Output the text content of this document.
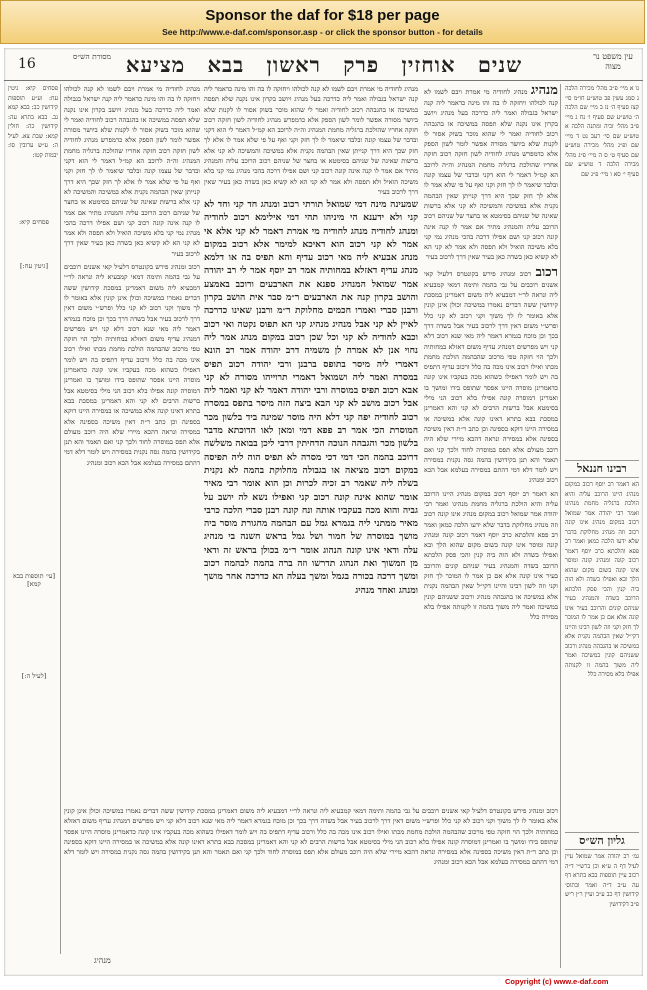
Sponsor the daf for $18 per page
See http://www.e-daf.com/sponsor.asp - or click the sponsor button - for details
16	מסורת הש״ס שנים אוחזין פרק ראשון בבא מציעא	עין משפט נר מצוה

נו א מיי׳ פ״ב מהל׳ מכירה הלכה ג סמג עשין פב טוש״ע חו״מ סי׳ קצז סעיף ה׳ נז ב מיי׳ שם הלכה ה׳ טוש״ע שם סעיף ו׳ נח ג מיי׳ פ״ב מהל׳ זכיה ומתנה הלכה א טוש״ע שם סי׳ רעב נט ד מיי׳ שם ופ״ג מהל׳ מכירה טוש״ע שם סעיף ט׳ ס ה מיי׳ פ״ג מהל׳ מכירה הלכה ד טוש״ע שם סעיף י׳ סא ו מיי׳ פ״ג שם

רבינו חננאל

הא דאמר רב יוסף רכוב במקום מנהיג היינו הרוכב עליה והיא הולכת ברגליה מחמת מנהיגו ואמר רבי יהודה אמר שמואל רכוב במקום מנהיג אינו קונה רכוב וזה מנהיג מחלוקת בדבר שלא ידעו הלכה כמאן ואמר רב פפא והלכתא כרב יוסף דאמר רכוב קונה ומנהיג קונה ומוסר אינו קונה בשום מקום שהוא הלך ובא ואפילו בשדה ולא הוה ביה קנין והכי פסק הלכתא הרוכב בשדה והמנהיג בעיר שניהם קונים והרוכב בעיר אינו קונה אלא אם כן אמר לו המוכר לך חזק וקני וזה לשון רבינו והיינו דקי״ל שאין הבהמה נקנית אלא במשיכה או בהגבהה מנהיג ורכוב ששניהם קונין במשיכה ואמר ליה משוך בהמה זו לקנותה אפילו בלא מסירה כלל

גליון הש״ס

גמ׳ רב יהודה אמר שמואל עיין לעיל דף ה ע״א וכן ברש״י ד״ה רכוב עיין תוספות בבא בתרא דף עה ע״ב ד״ה ואמר ובתוס׳ קידושין דף כב ע״ב ועיין ר״ן ריש פ״ב דקידושין

מנהיג מנהיג לחודיה מי אמרת ויבם לשמו לא קנה לכולהו ויחזקה לו בה והו מינה כדאמר ליה קנה ישראל בגבולה ואמר ליה כדרכה בעל מנהיג ויושב בקרון אינו נקנה שלא תפסה במשיכה או בהגבהה רכוב לחודיה ואמר לי שהוא מוכר בשוק אסור לו לקנות שלא ביושר מסורה אפשר לומר לשון הספק אלא כדמפרש מנהיג לחודיה לשון חזקה רכוב חזקה אחריו שהולכת ברגליה מחמת המנהיג וה״ה לרוכב הא קמ״ל דאמר לי הוא דקני ובדבר של עצמו קונה ובלבד שיאמר לו לך חזק וקני ואף על פי שלא אמר לו אלא לך חזק שכך היא דרך קנייתן שאין הבהמה נקנית אלא במשיכה והמשיכה לא קני אלא ברשות שאינה של שניהם בסימטא או בחצר של שניהם רכוב הרוכב עליה והמנהיג מתיר אם אמר לו קנה אינה קונה רכוב קני ושם אפילו דרכה בהכי מנהיג נמי קני בלא משיכה הואיל ולא תפסה ולא אמר לא קני הא לא קשיא כאן בשדה כאן בעיר שאין דרך לרכוב בעיר

רכוב רכוב ומנהיג פירש בקונטרס דלעיל קאי אשנים רוכבים על גבי בהמה ותימה דמאי קמבעיא ליה ונראה לר״י דמבעיא ליה משום דאמרינן במסכת קידושין ששה דברים נאמרו במשיכה וכולן אינן קונין אלא באומר לו לך משוך וקני רכוב לא קני כלל ופרש״י משום דאין דרך לרכוב בעיר אבל בשדה דרך בכך וכן מוכח בגמרא דאמר ליה מאי שנא רכוב דלא קני ויש מפרשים דמנהיג עדיף משום דאזלא במחותיה ולכך הוי חזקה טפי מרכוב שהבהמה הולכת מחמת מכתו ואילו רכוב אינו מכה בה כלל ורכוב עדיף דתפיס בה ויש לומר דאפילו כשהוא מכה בעקביו אינו קונה כדאמרינן מוסרה היינו אפסר שתופס בידו ומושך בו ואמרינן דמוסרה קונה אפילו בלא רכוב הני מילי בסימטא אבל ברשות הרבים לא קני והא דאמרינן במסכת בבא בתרא דאינו קונה אלא במשיכה או במסירה היינו דוקא בספינה וכן כתב ר״ת דאין משיכה בספינה אלא במסירה ונראה דהכא מיירי שלא היה רוכב מעולם אלא תפס במוסרה לחוד ולכך קני ואם תאמר והא תנן בקידושין בהמה גסה נקנית במסירה ויש לומר דלא דמי דהתם במסירה בעלמא אבל הכא רכוב ומנהיג

הא דאמר רב יוסף רכוב במקום מנהיג היינו הרוכב עליה והיא הולכת ברגליה מחמת מנהיגו ואמר רבי יהודה אמר שמואל רכוב במקום מנהיג אינו קונה רכוב וזה מנהיג מחלוקת בדבר שלא ידעו הלכה כמאן ואמר רב פפא והלכתא כרב יוסף דאמר רכוב קונה ומנהיג קונה ומוסר אינו קונה בשום מקום שהוא הלך ובא ואפילו בשדה ולא הוה ביה קנין והכי פסק הלכתא הרוכב בשדה והמנהיג בעיר שניהם קונים והרוכב בעיר אינו קונה אלא אם כן אמר לו המוכר לך חזק וקני וזה לשון רבינו והיינו דקי״ל שאין הבהמה נקנית אלא במשיכה או בהגבהה מנהיג ורכוב ששניהם קונין במשיכה ואמר ליה משוך בהמה זו לקנותה אפילו בלא מסירה כלל

שמעינה מינה דמי שמואל תורתי רכוב ומנהג חד קני וחד לא קני ולא ידענא הי מיניהו תהי דמי אילימא רכוב לחודיה ומנהג לחודיה מנהג לחודיה מי אמרת דאמר לא קני אלא אי אמר לא קני רכוב הוא דאיכא למימר אלא רכוב במקום מנהג אבעיא ליה מאי רכוב עדיף והא תפיס בה או דלמא מנהג עדיף דאזלא במחותיה אמר רב יוסף אמר לי רב יהודה אמר שמואל המנהיג ספנא את הארבעים ורוכב באמצע והושב בקרון קנה את הארבעים ר״מ סבר אית הושב בקרון ורבנן סברי ואמרו חכמים מחלוקת ר״מ ורבנן שאינו כדרכה לאיין לא קני אבל מנהיג מנהיג קני הא תפוס נקטה ואי רכוב וכבא לחודיה לא קני וכל שכן רכוב במקום מנהג אמר ליה נחוי אנן לא אמרה לן משמיה דרב יהודה אמר רב הונא דאמרי ליה מיסר בתופס ברבנן ורבי יהודה רכוב תפיס במסרה ואמר ליה ושמואל דאמרי תרוייהו מסורה לא קני אבא רכוב תפיס במוסרה ורבי יהודה דאמר לא קני ואמר ליה אבל רכוב מושב לא קני הבא ביצה הזה מיסר בתפס במסרה רכוב לחודיה יפה קני דלא היה מוסר שמינה ביד בלשון מכר המוסרת הכי אמר רב פפא דמי ומאן לאו הדוכתא מדבר בלשון מכר והגבהה הנוכה הדחיתין דרבי ליכן בבואה משלשה דרוכב בהמה הכי דמי דכי מסרה לא תפיס הוה ליה תפיסה במקום רכוב מציאה או בגבולה מחלוקת בהמה לא נקנית בשלה ליה שאמר רב זכיה לכרות וכן הוא אומר רבי מאיר אומר שהוא אינה קונה רכוב קני ואפילו נשא לה יושב על גביה והוא מכה בעקביו אותה ונח קונה רבנן סברי הלכה כרבי מאיר ממתני ליה בגמרא גמל עם הבהמה מחגורת מוסר ביה מושך במוסרה של חמור ושל גמל בראש חשנה בי מנהיג עלה ודאי אינו קונה הנהוג אומר ר״מ בכולן בראש זה ודאי מן המשוך ואת הנהוג תדרשו וזה ברה בהמה לבהמה רכוב ומשך דרכה בכורה בגמל ומשך בעלה הא כדרכה אחר מושך ומנהג ואחד מנהיג

מנהיג לחודיה מי אמרת ויבם לשמו לא קנה לכולהו ויחזקה לו בה והו מינה כדאמר ליה קנה ישראל בגבולה ואמר ליה כדרכה בעל מנהיג ויושב בקרון אינו נקנה שלא תפסה במשיכה או בהגבהה רכוב לחודיה ואמר לי שהוא מוכר בשוק אסור לו לקנות שלא ביושר מסורה אפשר לומר לשון הספק אלא כדמפרש מנהיג לחודיה לשון חזקה רכוב חזקה אחריו שהולכת ברגליה מחמת המנהיג וה״ה לרוכב הא קמ״ל דאמר לי הוא דקני ובדבר של עצמו קונה ובלבד שיאמר לו לך חזק וקני ואף על פי שלא אמר לו אלא לך חזק שכך היא דרך קנייתן שאין הבהמה נקנית אלא במשיכה והמשיכה לא קני אלא ברשות שאינה של שניהם בסימטא או בחצר של שניהם רכוב הרוכב עליה והמנהיג מתיר אם אמר לו קנה אינה קונה רכוב קני ושם אפילו דרכה בהכי מנהיג נמי קני בלא משיכה הואיל ולא תפסה ולא אמר לא קני הא לא קשיא כאן בשדה כאן בעיר שאין דרך לרכוב בעיר

רכוב ומנהיג פירש בקונטרס דלעיל קאי אשנים רוכבים על גבי בהמה ותימה דמאי קמבעיא ליה ונראה לר״י דמבעיא ליה משום דאמרינן במסכת קידושין ששה דברים נאמרו במשיכה וכולן אינן קונין אלא באומר לו לך משוך וקני רכוב לא קני כלל ופרש״י משום דאין דרך לרכוב בעיר אבל בשדה דרך בכך וכן מוכח בגמרא דאמר ליה מאי שנא רכוב דלא קני ויש מפרשים דמנהיג עדיף משום דאזלא במחותיה ולכך הוי חזקה טפי מרכוב שהבהמה הולכת מחמת מכתו ואילו רכוב אינו מכה בה כלל ורכוב עדיף דתפיס בה ויש לומר דאפילו כשהוא מכה בעקביו אינו קונה כדאמרינן מוסרה היינו אפסר שתופס בידו ומושך בו ואמרינן דמוסרה קונה אפילו בלא רכוב הני מילי בסימטא אבל ברשות הרבים לא קני והא דאמרינן במסכת בבא בתרא דאינו קונה אלא במשיכה או במסירה היינו דוקא בספינה וכן כתב ר״ת דאין משיכה בספינה אלא במסירה ונראה דהכא מיירי שלא היה רוכב מעולם אלא תפס במוסרה לחוד ולכך קני ואם תאמר והא תנן בקידושין בהמה גסה נקנית במסירה ויש לומר דלא דמי דהתם במסירה בעלמא אבל הכא רכוב ומנהיג

מנהיג לחודיה מי אמרת ויבם לשמו לא קנה לכולהו ויחזקה לו בה והו מינה כדאמר ליה קנה ישראל בגבולה ואמר ליה כדרכה בעל מנהיג ויושב בקרון אינו נקנה שלא תפסה במשיכה או בהגבהה רכוב לחודיה ואמר לי שהוא מוכר בשוק אסור לו לקנות שלא ביושר מסורה אפשר לומר לשון הספק אלא כדמפרש מנהיג לחודיה לשון חזקה רכוב חזקה אחריו שהולכת ברגליה מחמת המנהיג וה״ה לרוכב הא קמ״ל דאמר לי הוא דקני ובדבר של עצמו קונה ובלבד שיאמר לו לך חזק וקני ואף על פי שלא אמר לו אלא לך חזק שכך היא דרך קנייתן שאין הבהמה נקנית אלא במשיכה והמשיכה לא קני אלא ברשות שאינה של שניהם בסימטא או בחצר של שניהם רכוב הרוכב עליה והמנהיג מתיר אם אמר לו קנה אינה קונה רכוב קני ושם אפילו דרכה בהכי מנהיג נמי קני בלא משיכה הואיל ולא תפסה ולא אמר לא קני הא לא קשיא כאן בשדה כאן בעיר שאין דרך לרכוב בעיר

רכוב ומנהיג פירש בקונטרס דלעיל קאי אשנים רוכבים על גבי בהמה ותימה דמאי קמבעיא ליה ונראה לר״י דמבעיא ליה משום דאמרינן במסכת קידושין ששה דברים נאמרו במשיכה וכולן אינן קונין אלא באומר לו לך משוך וקני רכוב לא קני כלל ופרש״י משום דאין דרך לרכוב בעיר אבל בשדה דרך בכך וכן מוכח בגמרא דאמר ליה מאי שנא רכוב דלא קני ויש מפרשים דמנהיג עדיף משום דאזלא במחותיה ולכך הוי חזקה טפי מרכוב שהבהמה הולכת מחמת מכתו ואילו רכוב אינו מכה בה כלל ורכוב עדיף דתפיס בה ויש לומר דאפילו כשהוא מכה בעקביו אינו קונה כדאמרינן מוסרה היינו אפסר שתופס בידו ומושך בו ואמרינן דמוסרה קונה אפילו בלא רכוב הני מילי בסימטא אבל ברשות הרבים לא קני והא דאמרינן במסכת בבא בתרא דאינו קונה אלא במשיכה או במסירה היינו דוקא בספינה וכן כתב ר״ת דאין משיכה בספינה אלא במסירה ונראה דהכא מיירי שלא היה רוכב מעולם אלא תפס במוסרה לחוד ולכך קני ואם תאמר והא תנן בקידושין בהמה גסה נקנית במסירה ויש לומר דלא דמי דהתם במסירה בעלמא אבל הכא רכוב ומנהיג

פסחים קיא: גיטין עח: וע״ע תוספות קידושין כב: בבא קמא נב. בבא בתרא עה: קידושין כה: חולין קמא: שבת צא. לעיל ה: ע״ש ערובין סו: יבמות קטו:

פסחים קיא:
[גיטין עח:]
[עי׳ תוספות בבא קמא]
[לעיל ה:]
מנהיג
Copyright (c) www.e-daf.com
